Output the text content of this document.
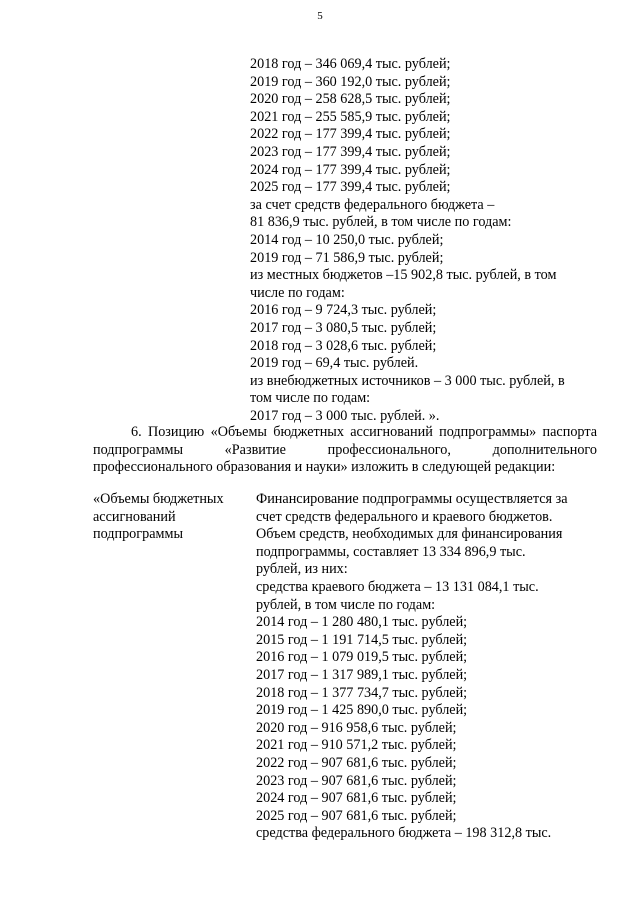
5
2018 год – 346 069,4 тыс. рублей;
2019 год – 360 192,0 тыс. рублей;
2020 год – 258 628,5 тыс. рублей;
2021 год – 255 585,9 тыс. рублей;
2022 год – 177 399,4 тыс. рублей;
2023 год – 177 399,4 тыс. рублей;
2024 год – 177 399,4 тыс. рублей;
2025 год – 177 399,4 тыс. рублей;
за счет средств федерального бюджета –
81 836,9 тыс. рублей, в том числе по годам:
2014 год – 10 250,0 тыс. рублей;
2019 год – 71 586,9 тыс. рублей;
из местных бюджетов –15 902,8 тыс. рублей, в том
числе по годам:
2016 год – 9 724,3 тыс. рублей;
2017 год – 3 080,5 тыс. рублей;
2018 год – 3 028,6 тыс. рублей;
2019 год – 69,4 тыс. рублей.
из внебюджетных источников – 3 000 тыс. рублей, в
том числе по годам:
2017 год – 3 000 тыс. рублей. ».
6. Позицию «Объемы бюджетных ассигнований подпрограммы» паспорта подпрограммы «Развитие профессионального, дополнительного профессионального образования и науки» изложить в следующей редакции:
«Объемы бюджетных
ассигнований
подпрограммы
Финансирование подпрограммы осуществляется за
счет средств федерального и краевого бюджетов.
Объем средств, необходимых для финансирования
подпрограммы, составляет 13 334 896,9 тыс.
рублей, из них:
средства краевого бюджета – 13 131 084,1 тыс.
рублей, в том числе по годам:
2014 год – 1 280 480,1 тыс. рублей;
2015 год – 1 191 714,5 тыс. рублей;
2016 год – 1 079 019,5 тыс. рублей;
2017 год – 1 317 989,1 тыс. рублей;
2018 год – 1 377 734,7 тыс. рублей;
2019 год – 1 425 890,0 тыс. рублей;
2020 год – 916 958,6 тыс. рублей;
2021 год – 910 571,2 тыс. рублей;
2022 год – 907 681,6 тыс. рублей;
2023 год – 907 681,6 тыс. рублей;
2024 год – 907 681,6 тыс. рублей;
2025 год – 907 681,6 тыс. рублей;
средства федерального бюджета – 198 312,8 тыс.
